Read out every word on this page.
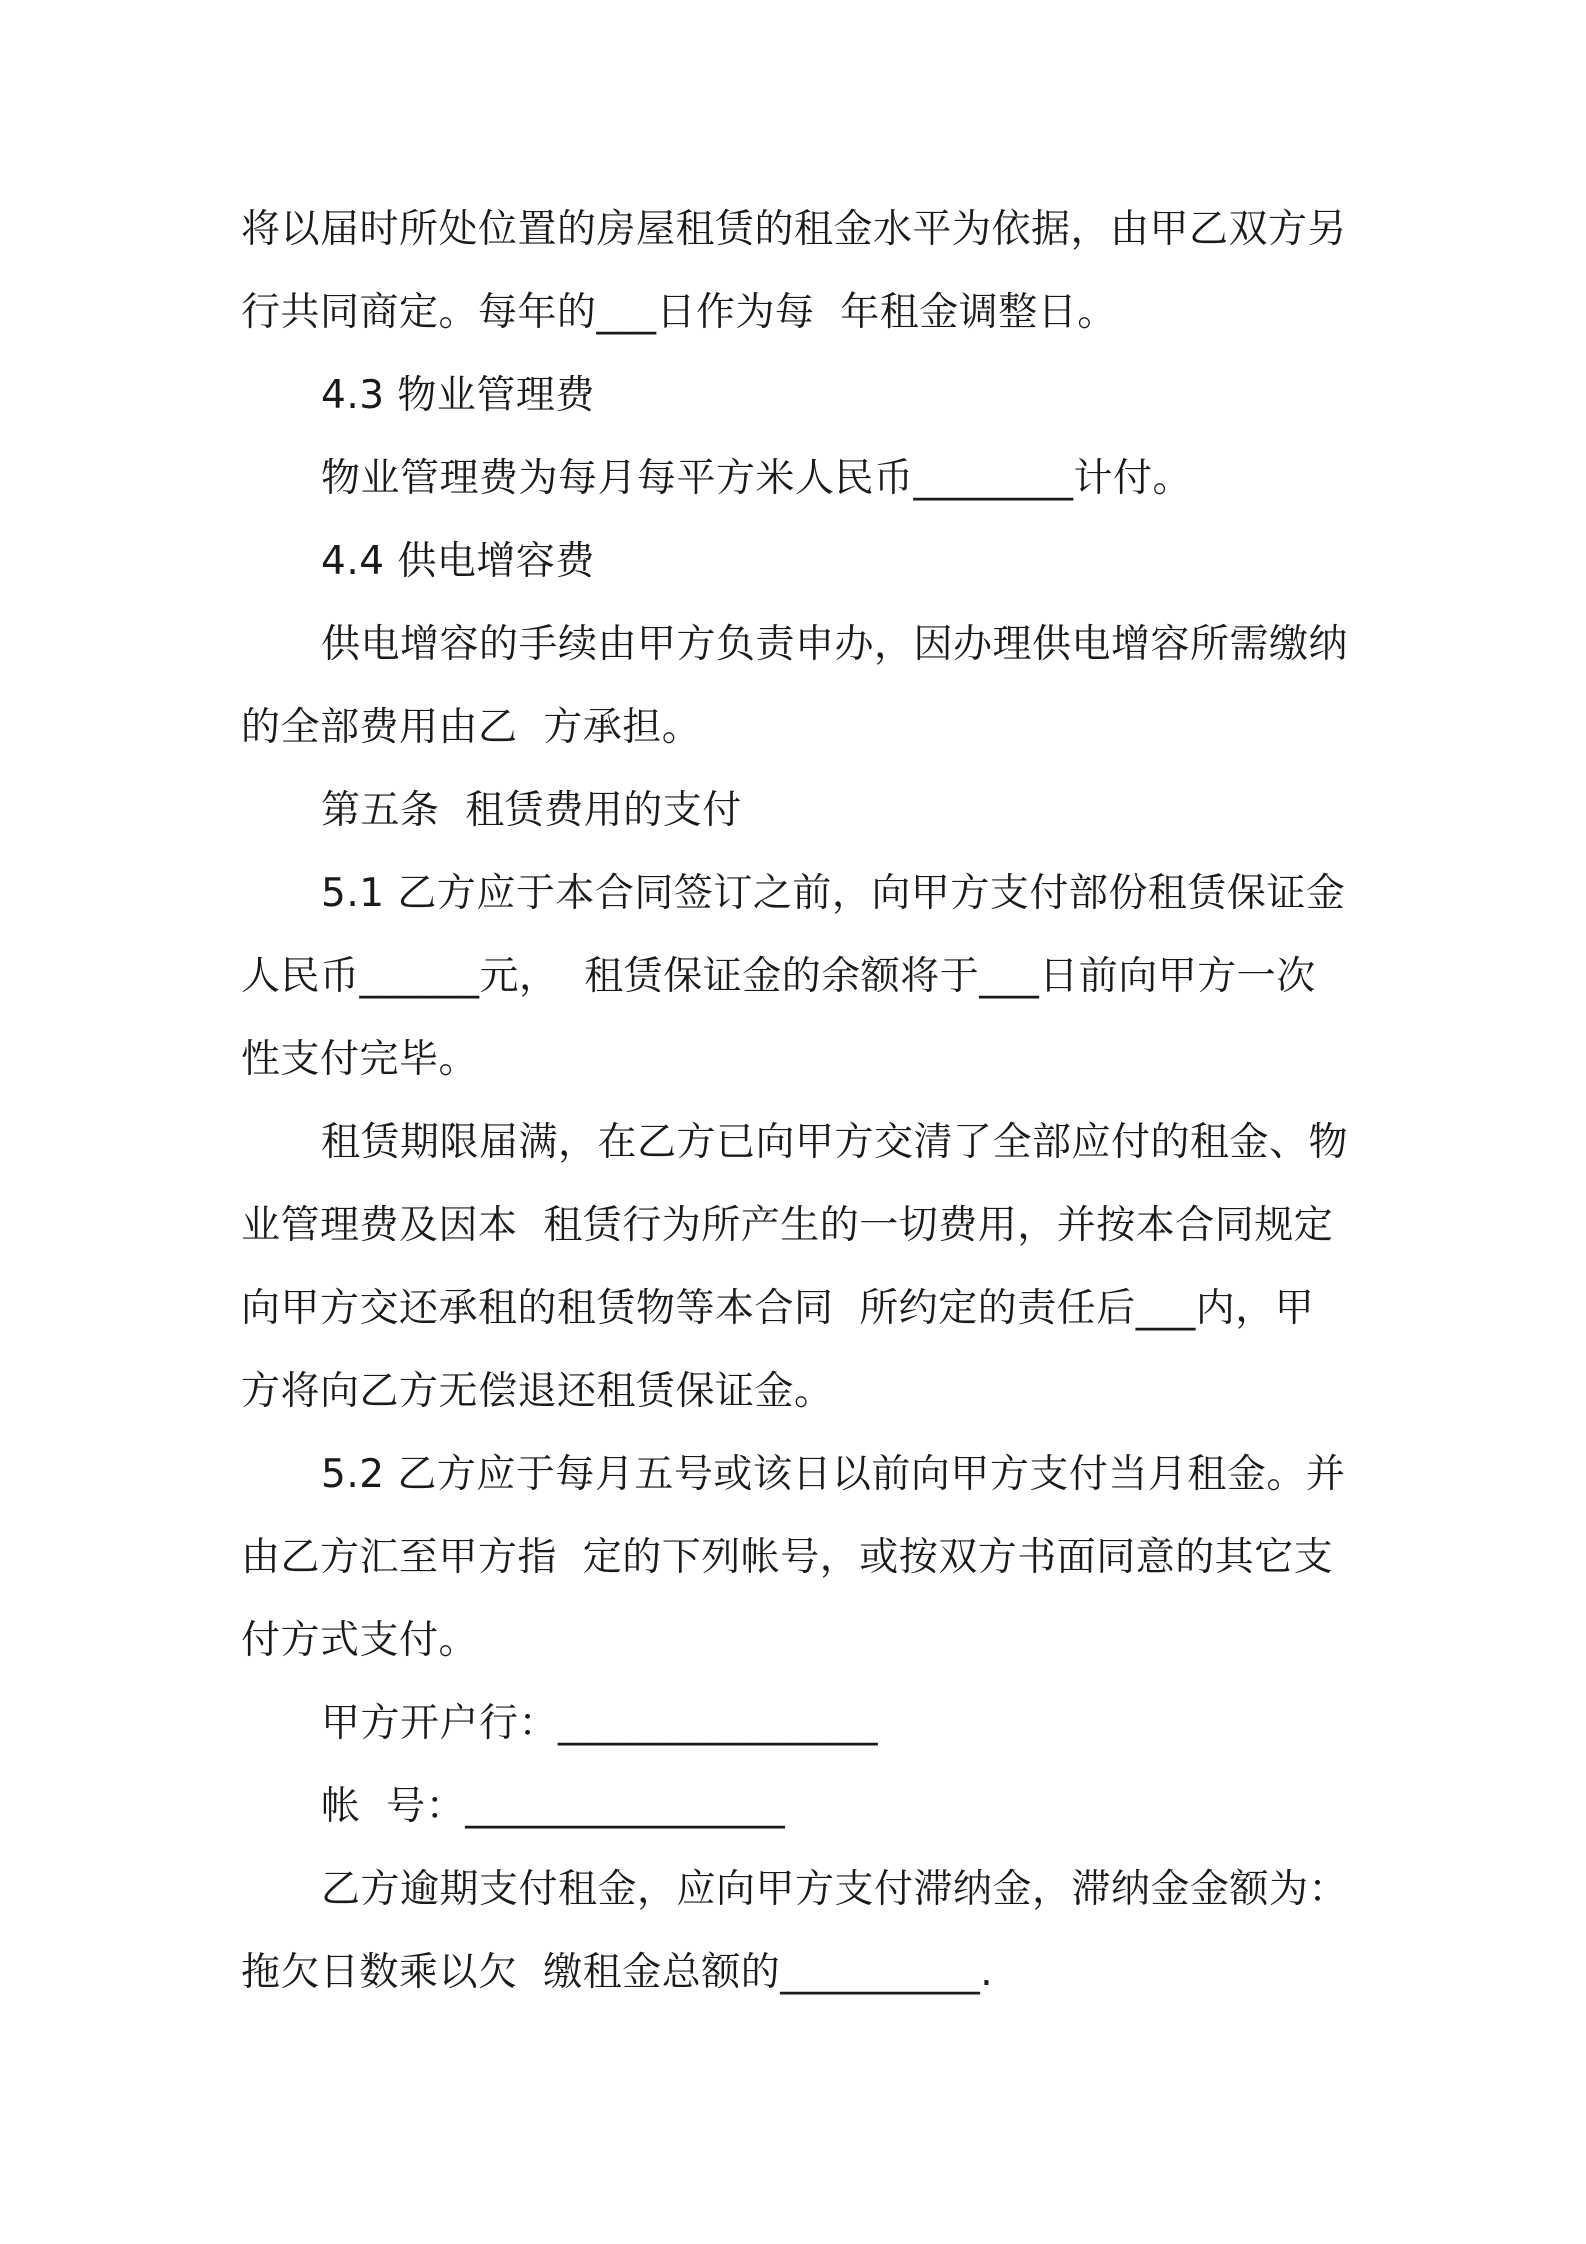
将以届时所处位置的房屋租赁的租金水平为依据，由甲乙双方另
行共同商定。每年的___日作为每  年租金调整日。
4.3 物业管理费
物业管理费为每月每平方米人民币________计付。
4.4 供电增容费
供电增容的手续由甲方负责申办，因办理供电增容所需缴纳
的全部费用由乙  方承担。
第五条  租赁费用的支付
5.1 乙方应于本合同签订之前，向甲方支付部份租赁保证金
人民币______元，  租赁保证金的余额将于___日前向甲方一次
性支付完毕。
租赁期限届满，在乙方已向甲方交清了全部应付的租金、物
业管理费及因本  租赁行为所产生的一切费用，并按本合同规定
向甲方交还承租的租赁物等本合同  所约定的责任后___内，甲
方将向乙方无偿退还租赁保证金。
5.2 乙方应于每月五号或该日以前向甲方支付当月租金。并
由乙方汇至甲方指  定的下列帐号，或按双方书面同意的其它支
付方式支付。
甲方开户行：________________
帐  号：________________
乙方逾期支付租金，应向甲方支付滞纳金，滞纳金金额为：
拖欠日数乘以欠  缴租金总额的__________.
